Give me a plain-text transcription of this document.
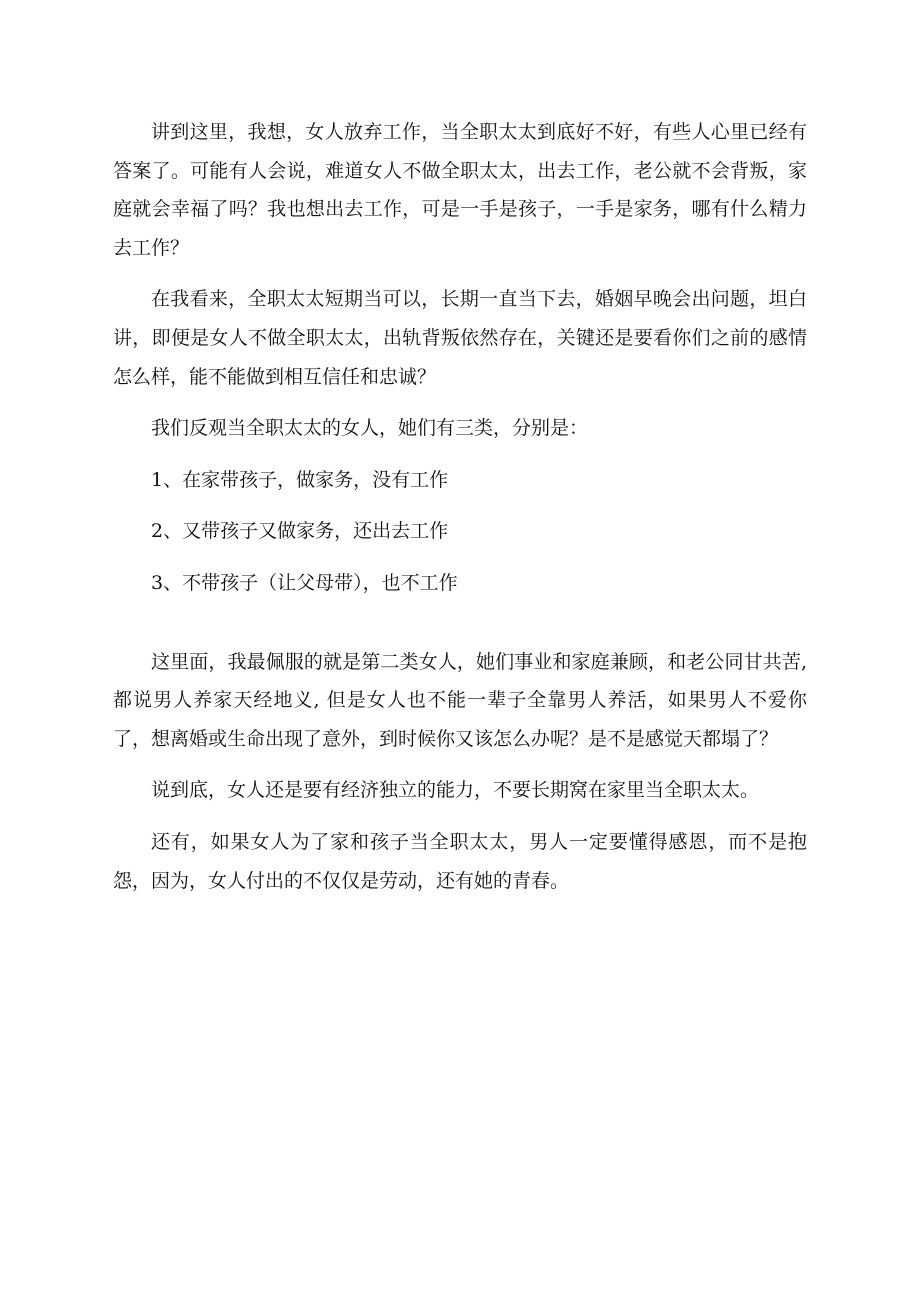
讲到这里，我想，女人放弃工作，当全职太太到底好不好，有些人心里已经有答案了。可能有人会说，难道女人不做全职太太，出去工作，老公就不会背叛，家庭就会幸福了吗？我也想出去工作，可是一手是孩子，一手是家务，哪有什么精力去工作？

在我看来，全职太太短期当可以，长期一直当下去，婚姻早晚会出问题，坦白讲，即便是女人不做全职太太，出轨背叛依然存在，关键还是要看你们之前的感情怎么样，能不能做到相互信任和忠诚？

我们反观当全职太太的女人，她们有三类，分别是：

1、在家带孩子，做家务，没有工作

2、又带孩子又做家务，还出去工作

3、不带孩子（让父母带），也不工作

这里面，我最佩服的就是第二类女人，她们事业和家庭兼顾，和老公同甘共苦, 都说男人养家天经地义, 但是女人也不能一辈子全靠男人养活，如果男人不爱你了，想离婚或生命出现了意外，到时候你又该怎么办呢？是不是感觉天都塌了？

说到底，女人还是要有经济独立的能力，不要长期窝在家里当全职太太。

还有，如果女人为了家和孩子当全职太太，男人一定要懂得感恩，而不是抱怨，因为，女人付出的不仅仅是劳动，还有她的青春。
